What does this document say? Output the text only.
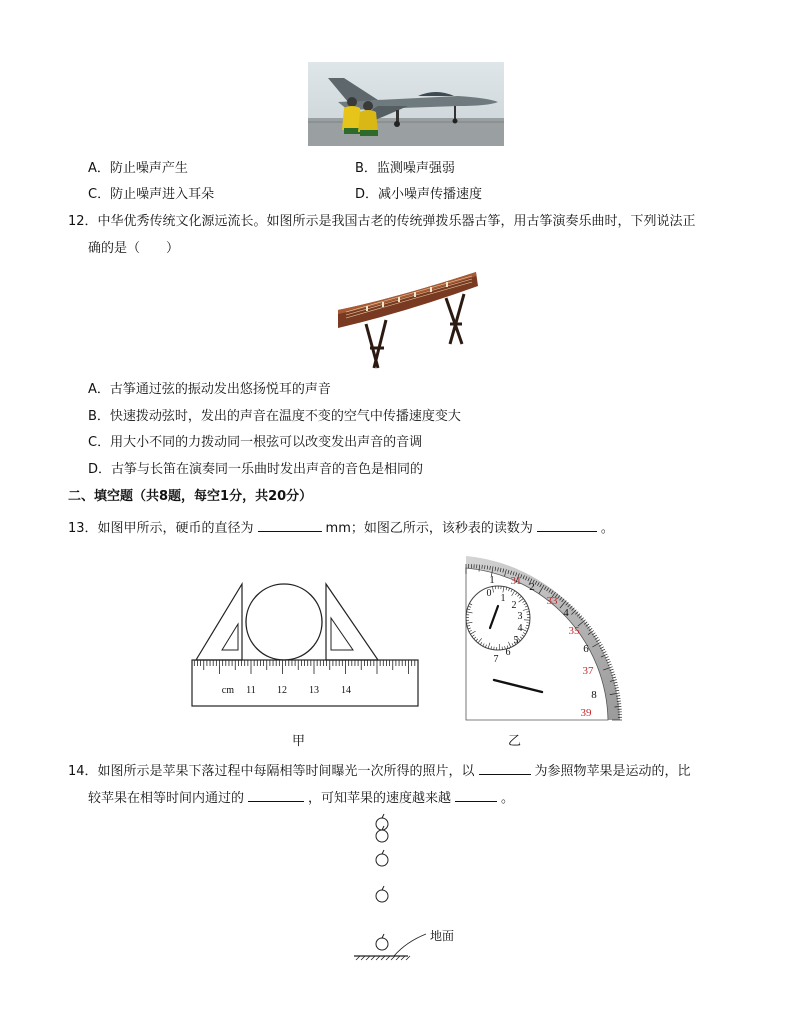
A．防止噪声产生	B．监测噪声强弱
C．防止噪声进入耳朵	D．减小噪声传播速度
12．中华优秀传统文化源远流长。如图所示是我国古老的传统弹拨乐器古筝，用古筝演奏乐曲时，下列说法正
确的是（　　）
A．古筝通过弦的振动发出悠扬悦耳的声音
B．快速拨动弦时，发出的声音在温度不变的空气中传播速度变大
C．用大小不同的力拨动同一根弦可以改变发出声音的音调
D．古筝与长笛在演奏同一乐曲时发出声音的音色是相同的
二、填空题（共8题，每空1分，共20分）
13．如图甲所示，硬币的直径为	mm；如图乙所示，该秒表的读数为	。
cm 11 12 13 14
0 1
2
3
4
5
6
7
1
2
4
6
8
31
33
35
37
39
甲	乙
14．如图所示是苹果下落过程中每隔相等时间曝光一次所得的照片，以	为参照物苹果是运动的，比
较苹果在相等时间内通过的	，可知苹果的速度越来越	。
地面
